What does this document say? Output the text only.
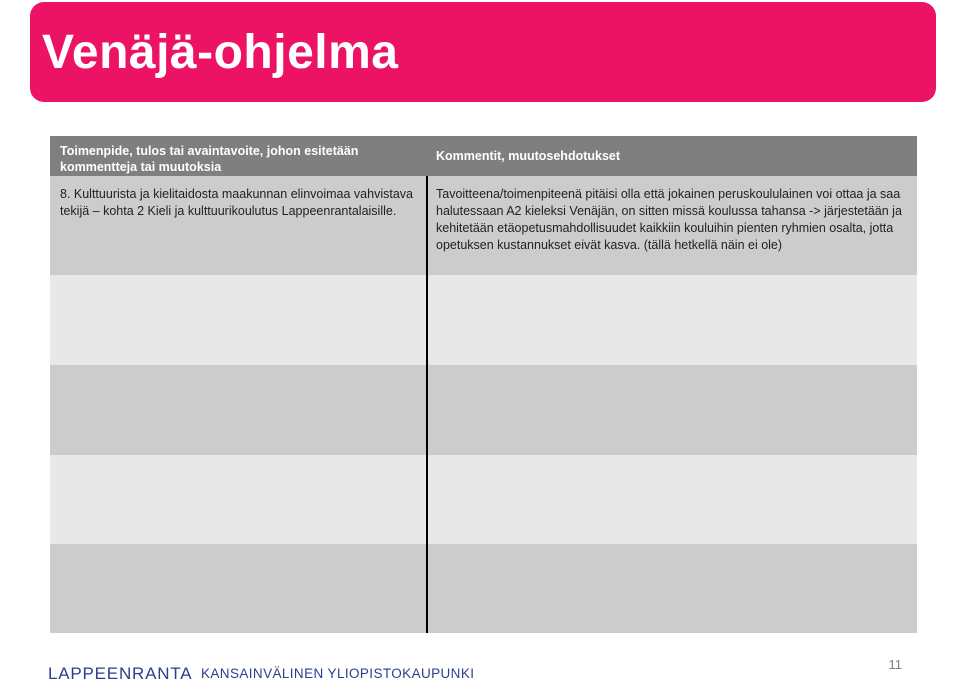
Venäjä-ohjelma
Toimenpide, tulos tai avaintavoite, johon esitetään kommentteja tai muutoksia
Kommentit, muutosehdotukset
8. Kulttuurista ja kielitaidosta maakunnan elinvoimaa vahvistava tekijä – kohta 2 Kieli ja kulttuurikoulutus Lappeenrantalaisille.
Tavoitteena/toimenpiteenä pitäisi olla että jokainen peruskoululainen voi ottaa ja saa halutessaan A2 kieleksi Venäjän, on sitten missä koulussa tahansa -> järjestetään ja kehitetään etäopetusmahdollisuudet kaikkiin kouluihin pienten ryhmien osalta, jotta opetuksen kustannukset eivät kasva. (tällä hetkellä näin ei ole)
LAPPEENRANTA KANSAINVÄLINEN YLIOPISTOKAUPUNKI
11
